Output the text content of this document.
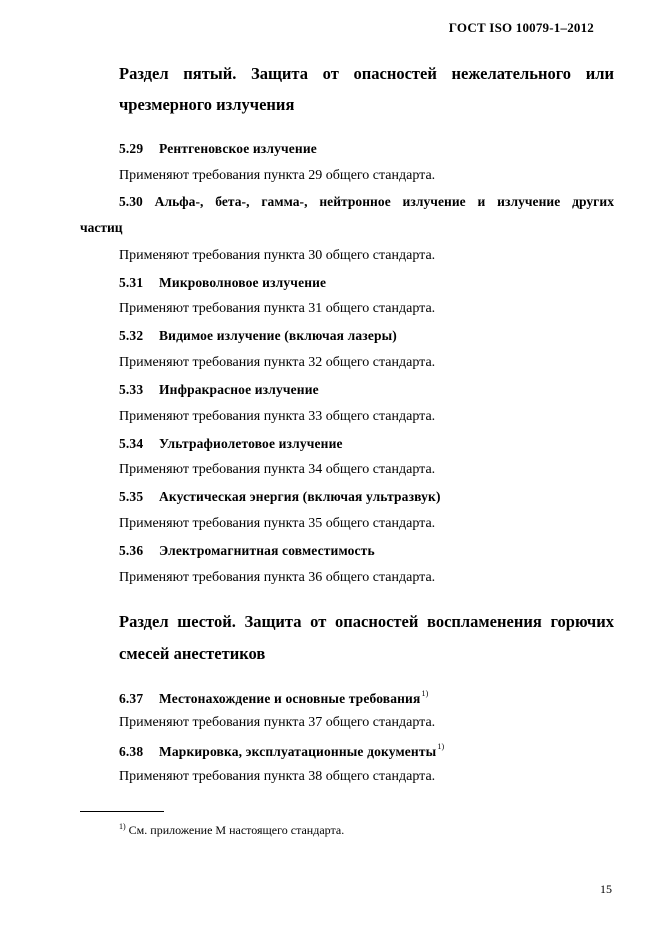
ГОСТ ISO 10079-1–2012
Раздел пятый. Защита от опасностей нежелательного или
чрезмерного излучения
5.29 Рентгеновское излучение
Применяют требования пункта 29 общего стандарта.
5.30 Альфа-, бета-, гамма-, нейтронное излучение и излучение других
частиц
Применяют требования пункта 30 общего стандарта.
5.31 Микроволновое излучение
Применяют требования пункта 31 общего стандарта.
5.32 Видимое излучение (включая лазеры)
Применяют требования пункта 32 общего стандарта.
5.33 Инфракрасное излучение
Применяют требования пункта 33 общего стандарта.
5.34 Ультрафиолетовое излучение
Применяют требования пункта 34 общего стандарта.
5.35 Акустическая энергия (включая ультразвук)
Применяют требования пункта 35 общего стандарта.
5.36 Электромагнитная совместимость
Применяют требования пункта 36 общего стандарта.
Раздел шестой. Защита от опасностей воспламенения горючих
смесей анестетиков
6.37 Местонахождение и основные требования$^{1)}$
Применяют требования пункта 37 общего стандарта.
6.38 Маркировка, эксплуатационные документы$^{1)}$
Применяют требования пункта 38 общего стандарта.
$^{1)}$ См. приложение М настоящего стандарта.
15
